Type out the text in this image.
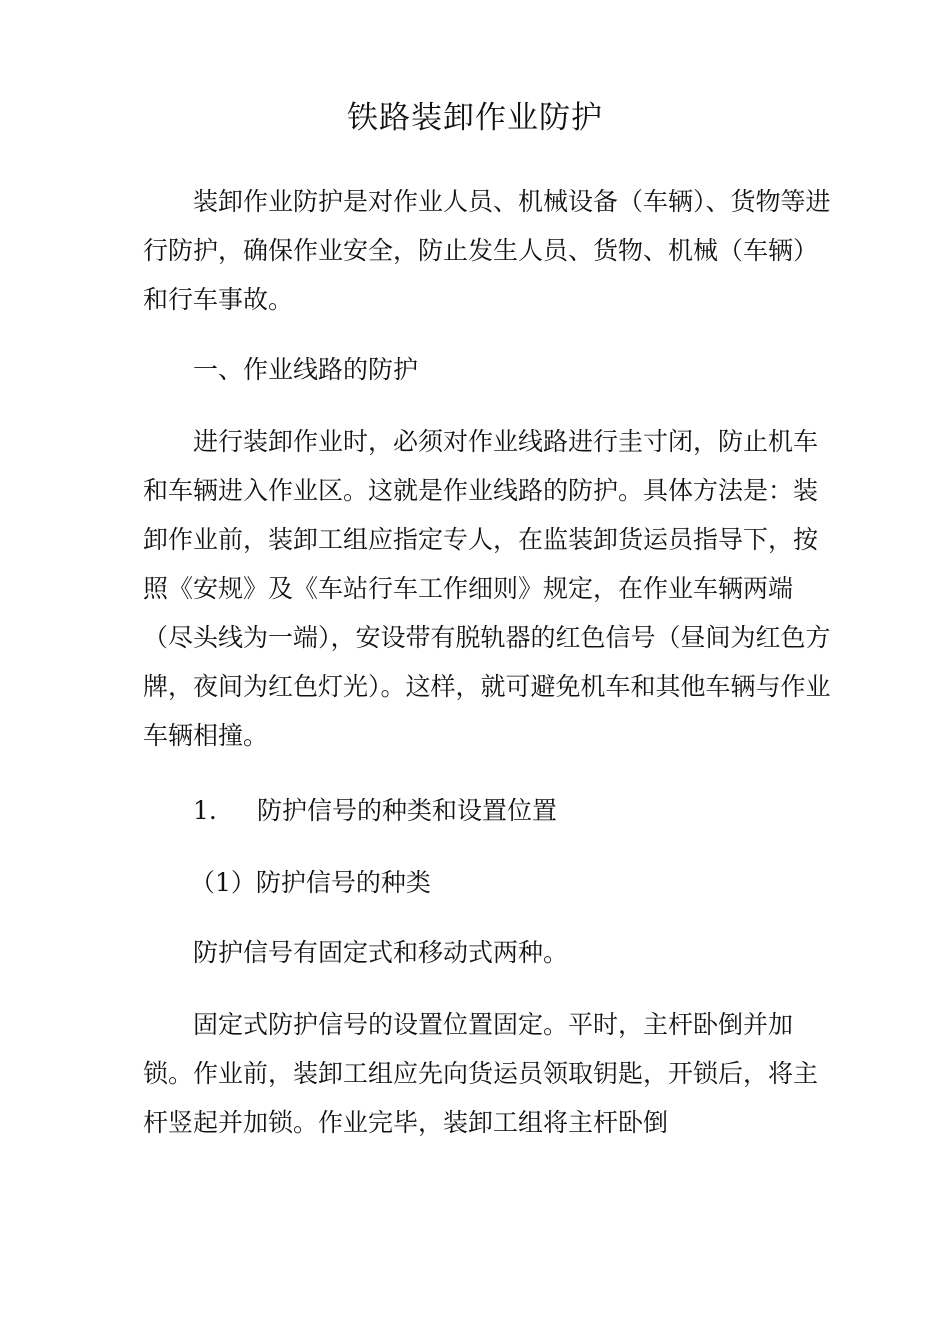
铁路装卸作业防护

装卸作业防护是对作业人员、机械设备（车辆）、货物等进行防护，确保作业安全，防止发生人员、货物、机械（车辆）和行车事故。

一、作业线路的防护

进行装卸作业时，必须对作业线路进行圭寸闭，防止机车和车辆进入作业区。这就是作业线路的防护。具体方法是：装卸作业前，装卸工组应指定专人，在监装卸货运员指导下，按照《安规》及《车站行车工作细则》规定，在作业车辆两端（尽头线为一端），安设带有脱轨器的红色信号（昼间为红色方牌，夜间为红色灯光）。这样，就可避免机车和其他车辆与作业车辆相撞。

1. 防护信号的种类和设置位置

（1）防护信号的种类

防护信号有固定式和移动式两种。

固定式防护信号的设置位置固定。平时，主杆卧倒并加锁。作业前，装卸工组应先向货运员领取钥匙，开锁后，将主杆竖起并加锁。作业完毕，装卸工组将主杆卧倒
